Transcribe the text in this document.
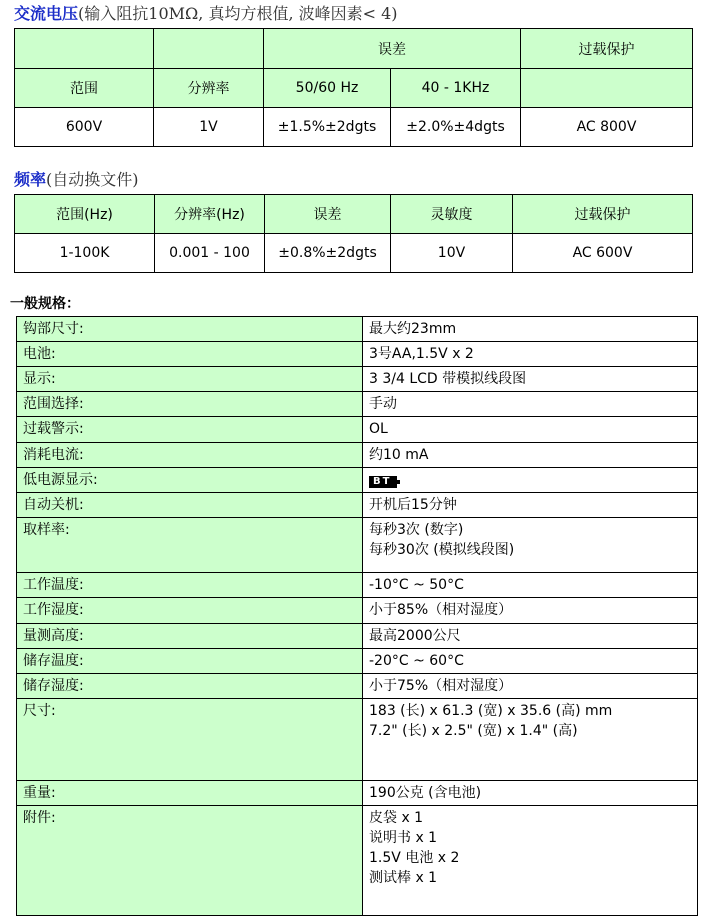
交流电压(输入阻抗10MΩ, 真均方根值, 波峰因素< 4)
		误差		过载保护
范围	分辨率	50/60 Hz	40 - 1KHz	
600V	1V	±1.5%±2dgts	±2.0%±4dgts	AC 800V
频率(自动换文件)
范围(Hz)	分辨率(Hz)	误差	灵敏度	过载保护
1-100K	0.001 - 100	±0.8%±2dgts	10V	AC 600V
一般规格：
钩部尺寸:	最大约23mm

电池:	3号AA,1.5V x 2

显示:	3 3/4 LCD 带模拟线段图

范围选择:	手动

过载警示:	OL

消耗电流:	约10 mA

低电源显示:	BT
自动关机:	开机后15分钟

取样率:	每秒3次 (数字)
每秒30次 (模拟线段图)

工作温度:	-10°C ~ 50°C

工作湿度:	小于85%（相对湿度）

量测高度:	最高2000公尺

储存温度:	-20°C ~ 60°C

储存湿度:	小于75%（相对湿度）

尺寸:	183 (长) x 61.3 (宽) x 35.6 (高) mm
7.2" (长) x 2.5" (宽) x 1.4" (高)

重量:	190公克 (含电池)

附件:	皮袋 x 1
说明书 x 1
1.5V 电池 x 2
测试棒 x 1
